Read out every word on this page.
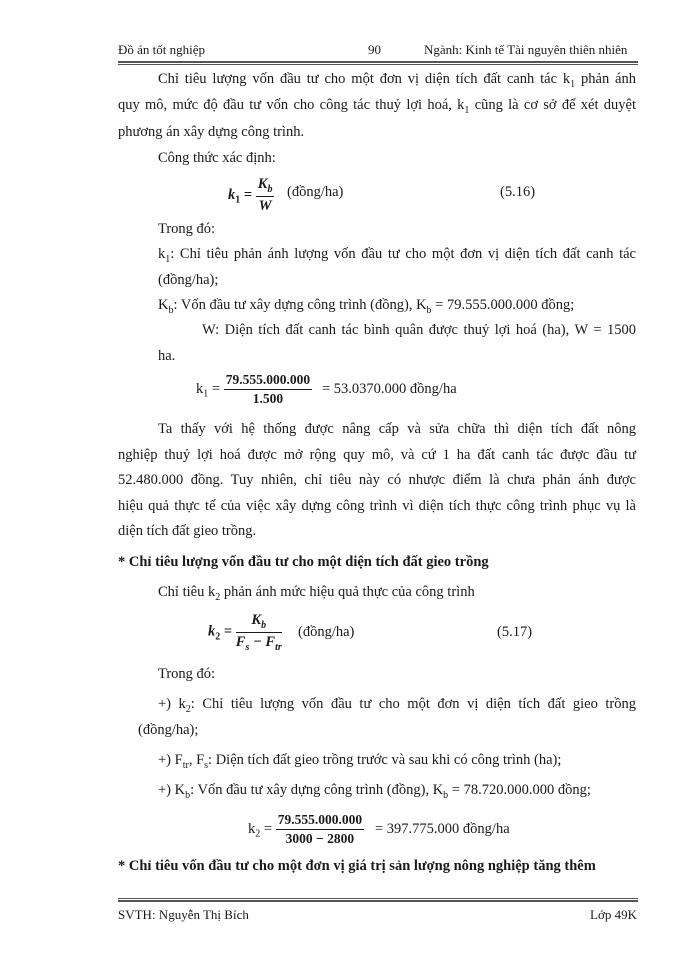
Đồ án tốt nghiệp	90	Ngành: Kinh tế Tài nguyên thiên nhiên
Chỉ tiêu lượng vốn đầu tư cho một đơn vị diện tích đất canh tác $k_1$ phản ánh
quy mô, mức độ đầu tư vốn cho công tác thuỷ lợi hoá, $k_1$ cũng là cơ sở để xét duyệt
phương án xây dựng công trình.
Công thức xác định:
$k_1 = \frac{K_b}{W}$ (đồng/ha)	(5.16)
Trong đó:
$k_1$: Chỉ tiêu phản ánh lượng vốn đầu tư cho một đơn vị diện tích đất canh tác
(đồng/ha);
$K_b$: Vốn đầu tư xây dựng công trình (đồng), $K_b = 79.555.000.000$ đồng;
W: Diện tích đất canh tác bình quân được thuỷ lợi hoá (ha), W = 1500
ha.
$k_1 = \frac{79.555.000.000}{1.500} = 53.0370.000$ đồng/ha
Ta thấy với hệ thống được nâng cấp và sửa chữa thì diện tích đất nông
nghiệp thuỷ lợi hoá được mở rộng quy mô, và cứ 1 ha đất canh tác được đầu tư
52.480.000 đồng. Tuy nhiên, chỉ tiêu này có nhược điểm là chưa phản ánh được
hiệu quả thực tế của việc xây dựng công trình vì diện tích thực công trình phục vụ là
diện tích đất gieo trồng.
* Chỉ tiêu lượng vốn đầu tư cho một diện tích đất gieo trồng
Chỉ tiêu $k_2$ phản ánh mức hiệu quả thực của công trình
$k_2 = \frac{K_b}{F_s - F_{tr}}$ (đồng/ha)	(5.17)
Trong đó:
+) $k_2$: Chỉ tiêu lượng vốn đầu tư cho một đơn vị diện tích đất gieo trồng
(đồng/ha);
+) $F_{tr}$, $F_s$: Diện tích đất gieo trồng trước và sau khi có công trình (ha);
+) $K_b$: Vốn đầu tư xây dựng công trình (đồng), $K_b = 78.720.000.000$ đồng;
$k_2 = \frac{79.555.000.000}{3000 - 2800} = 397.775.000$ đồng/ha
* Chỉ tiêu vốn đầu tư cho một đơn vị giá trị sản lượng nông nghiệp tăng thêm
SVTH: Nguyễn Thị Bích	Lớp 49K
